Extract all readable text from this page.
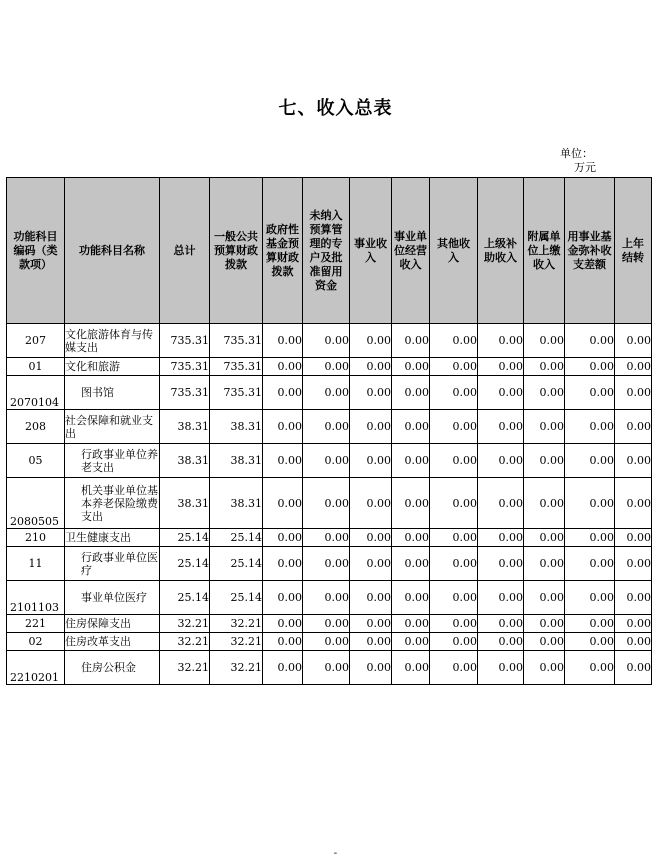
七、收入总表
单位：
万元
功能科目编码（类款项）	功能科目名称	总计	一般公共预算财政拨款	政府性基金预算财政拨款	未纳入预算管理的专户及批准留用资金	事业收入	事业单位经营收入	其他收入	上级补助收入	附属单位上缴收入	用事业基金弥补收支差额	上年结转
207	文化旅游体育与传媒支出	735.31	735.31	0.00	0.00	0.00	0.00	0.00	0.00	0.00	0.00	0.00
01	文化和旅游	735.31	735.31	0.00	0.00	0.00	0.00	0.00	0.00	0.00	0.00	0.00
2070104	图书馆	735.31	735.31	0.00	0.00	0.00	0.00	0.00	0.00	0.00	0.00	0.00
208	社会保障和就业支出	38.31	38.31	0.00	0.00	0.00	0.00	0.00	0.00	0.00	0.00	0.00
05	行政事业单位养老支出	38.31	38.31	0.00	0.00	0.00	0.00	0.00	0.00	0.00	0.00	0.00
2080505	机关事业单位基本养老保险缴费支出	38.31	38.31	0.00	0.00	0.00	0.00	0.00	0.00	0.00	0.00	0.00
210	卫生健康支出	25.14	25.14	0.00	0.00	0.00	0.00	0.00	0.00	0.00	0.00	0.00
11	行政事业单位医疗	25.14	25.14	0.00	0.00	0.00	0.00	0.00	0.00	0.00	0.00	0.00
2101103	事业单位医疗	25.14	25.14	0.00	0.00	0.00	0.00	0.00	0.00	0.00	0.00	0.00
221	住房保障支出	32.21	32.21	0.00	0.00	0.00	0.00	0.00	0.00	0.00	0.00	0.00
02	住房改革支出	32.21	32.21	0.00	0.00	0.00	0.00	0.00	0.00	0.00	0.00	0.00
2210201	住房公积金	32.21	32.21	0.00	0.00	0.00	0.00	0.00	0.00	0.00	0.00	0.00
-
